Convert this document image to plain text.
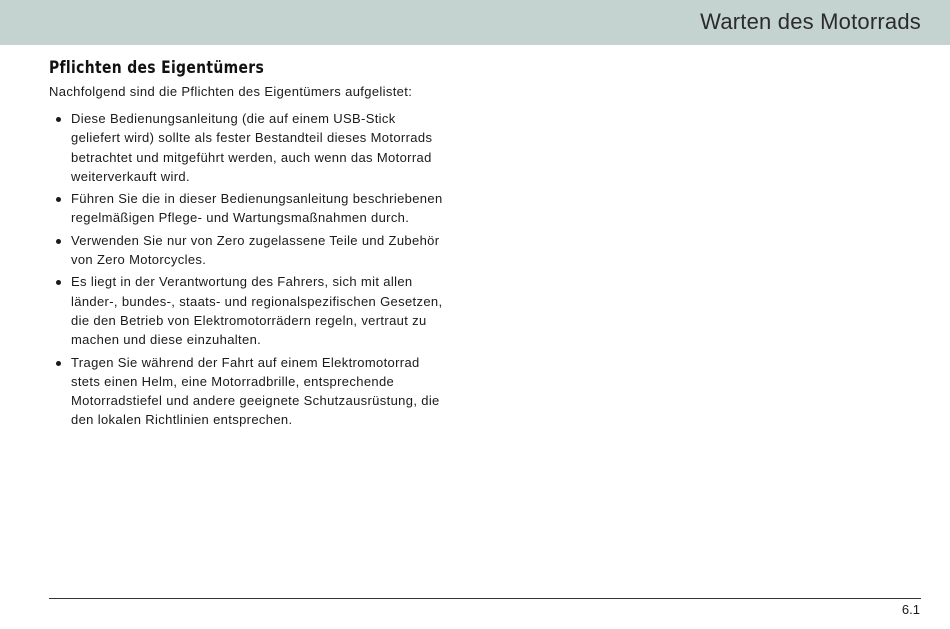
Warten des Motorrads
Pflichten des Eigentümers

Nachfolgend sind die Pflichten des Eigentümers aufgelistet:

Diese Bedienungsanleitung (die auf einem USB-Stick
geliefert wird) sollte als fester Bestandteil dieses Motorrads
betrachtet und mitgeführt werden, auch wenn das Motorrad
weiterverkauft wird.
Führen Sie die in dieser Bedienungsanleitung beschriebenen
regelmäßigen Pflege- und Wartungsmaßnahmen durch.
Verwenden Sie nur von Zero zugelassene Teile und Zubehör
von Zero Motorcycles.
Es liegt in der Verantwortung des Fahrers, sich mit allen
länder-, bundes-, staats- und regionalspezifischen Gesetzen,
die den Betrieb von Elektromotorrädern regeln, vertraut zu
machen und diese einzuhalten.
Tragen Sie während der Fahrt auf einem Elektromotorrad
stets einen Helm, eine Motorradbrille, entsprechende
Motorradstiefel und andere geeignete Schutzausrüstung, die
den lokalen Richtlinien entsprechen.
6.1
